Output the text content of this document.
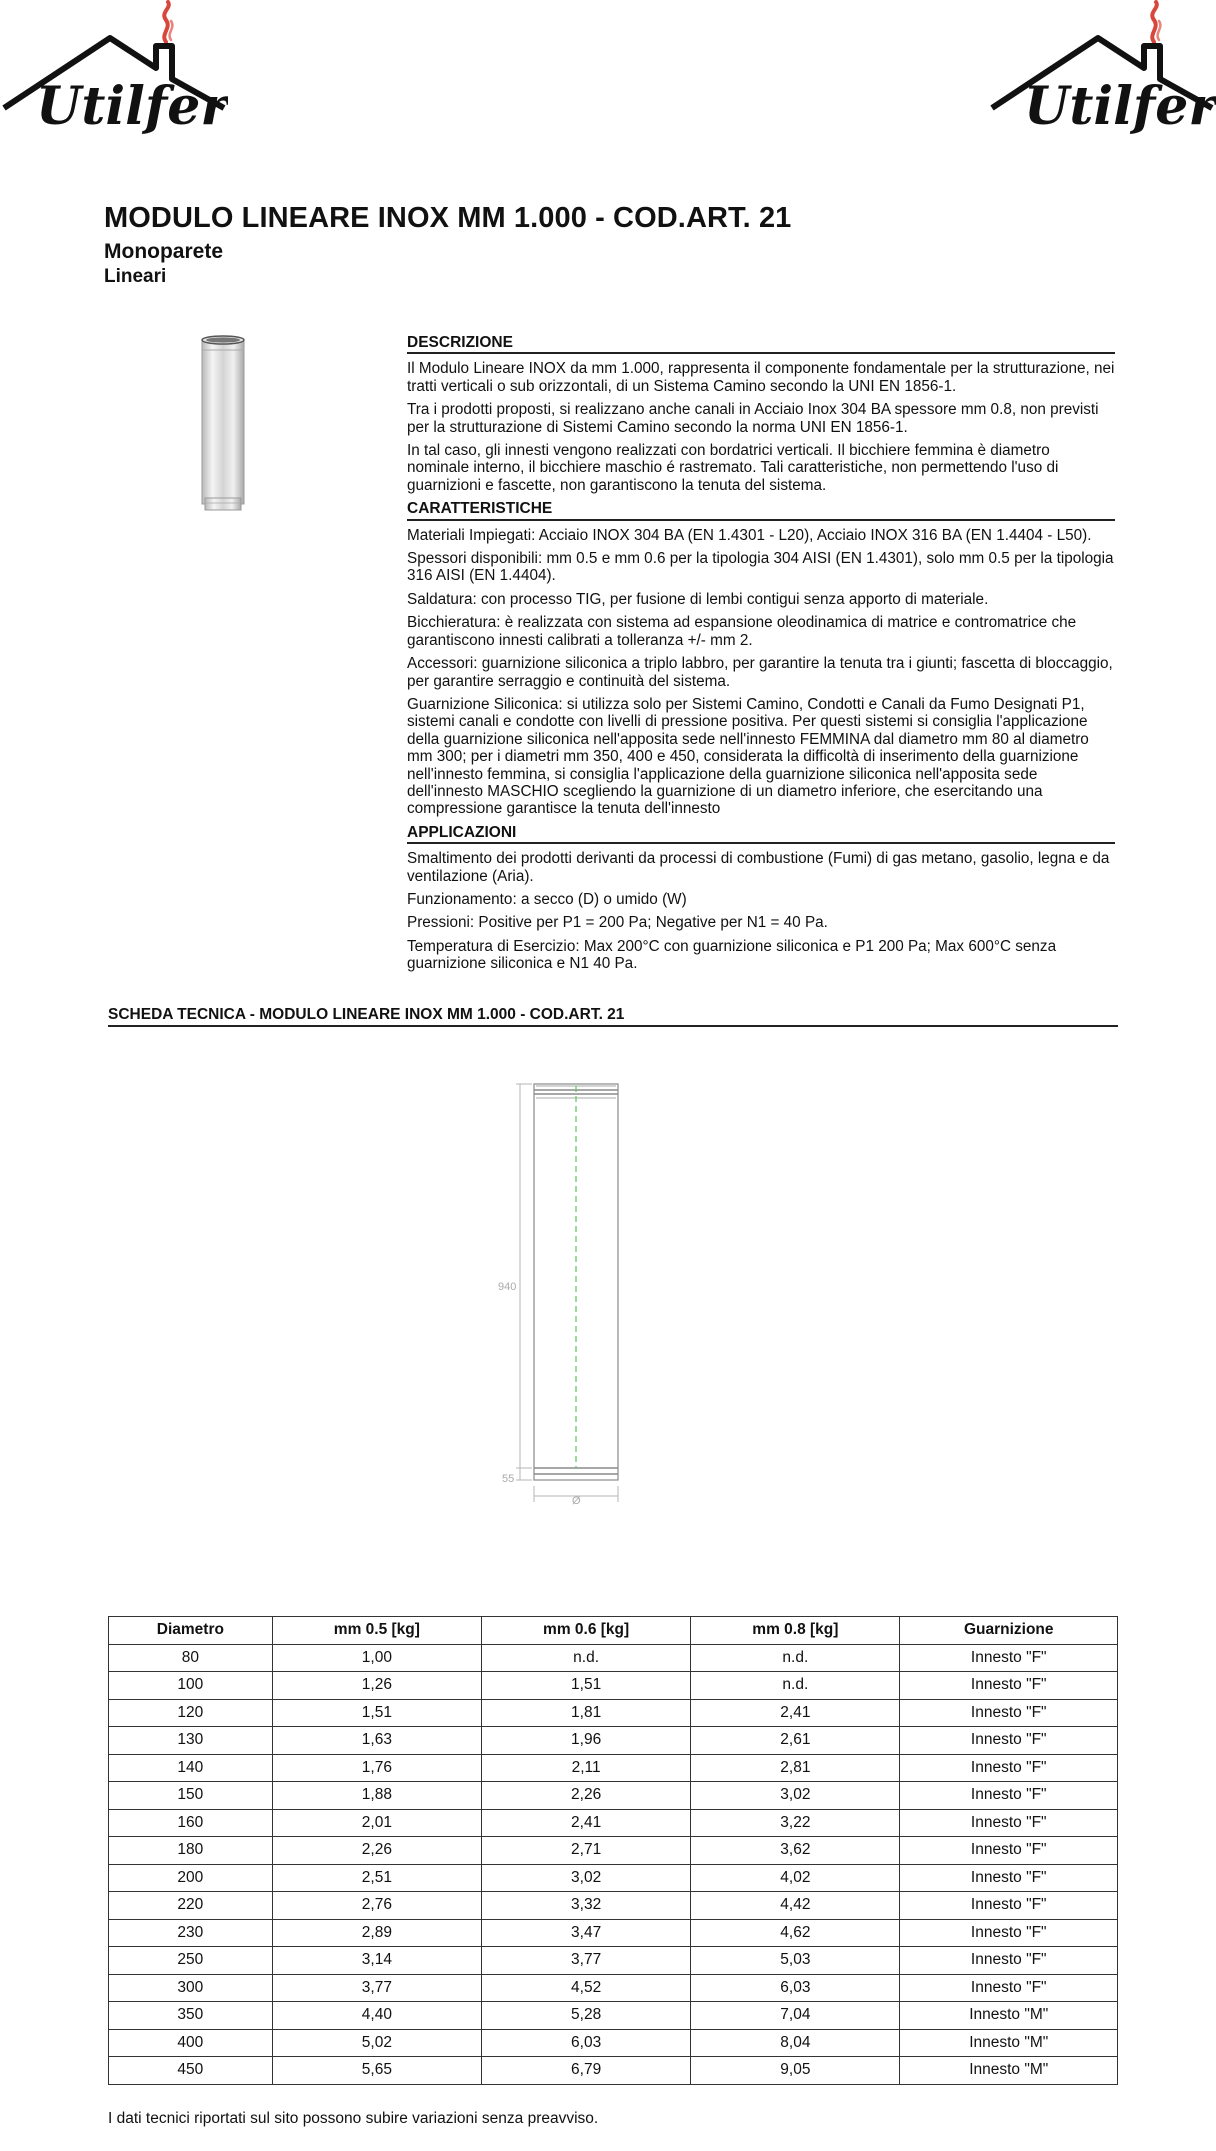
Utilfer	Utilfer
MODULO LINEARE INOX MM 1.000 - COD.ART. 21
Monoparete
Lineari
DESCRIZIONE

Il Modulo Lineare INOX da mm 1.000, rappresenta il componente fondamentale per la strutturazione, nei tratti verticali o sub orizzontali, di un Sistema Camino secondo la UNI EN 1856-1.

Tra i prodotti proposti, si realizzano anche canali in Acciaio Inox 304 BA spessore mm 0.8, non previsti per la strutturazione di Sistemi Camino secondo la norma UNI EN 1856-1.

In tal caso, gli innesti vengono realizzati con bordatrici verticali. Il bicchiere femmina è diametro nominale interno, il bicchiere maschio é rastremato. Tali caratteristiche, non permettendo l'uso di guarnizioni e fascette, non garantiscono la tenuta del sistema.

CARATTERISTICHE

Materiali Impiegati: Acciaio INOX 304 BA (EN 1.4301 - L20), Acciaio INOX 316 BA (EN 1.4404 - L50).

Spessori disponibili: mm 0.5 e mm 0.6 per la tipologia 304 AISI (EN 1.4301), solo mm 0.5 per la tipologia 316 AISI (EN 1.4404).

Saldatura: con processo TIG, per fusione di lembi contigui senza apporto di materiale.

Bicchieratura: è realizzata con sistema ad espansione oleodinamica di matrice e contromatrice che garantiscono innesti calibrati a tolleranza +/- mm 2.

Accessori: guarnizione siliconica a triplo labbro, per garantire la tenuta tra i giunti; fascetta di bloccaggio, per garantire serraggio e continuità del sistema.

Guarnizione Siliconica: si utilizza solo per Sistemi Camino, Condotti e Canali da Fumo Designati P1, sistemi canali e condotte con livelli di pressione positiva. Per questi sistemi si consiglia l'applicazione della guarnizione siliconica nell'apposita sede nell'innesto FEMMINA dal diametro mm 80 al diametro mm 300; per i diametri mm 350, 400 e 450, considerata la difficoltà di inserimento della guarnizione nell'innesto femmina, si consiglia l'applicazione della guarnizione siliconica nell'apposita sede dell'innesto MASCHIO scegliendo la guarnizione di un diametro inferiore, che esercitando una compressione garantisce la tenuta dell'innesto

APPLICAZIONI

Smaltimento dei prodotti derivanti da processi di combustione (Fumi) di gas metano, gasolio, legna e da ventilazione (Aria).

Funzionamento: a secco (D) o umido (W)

Pressioni: Positive per P1 = 200 Pa; Negative per N1 = 40 Pa.

Temperatura di Esercizio: Max 200°C con guarnizione siliconica e P1 200 Pa; Max 600°C senza guarnizione siliconica e N1 40 Pa.

SCHEDA TECNICA - MODULO LINEARE INOX MM 1.000 - COD.ART. 21
940
55
Ø
Diametro	mm 0.5 [kg]	mm 0.6 [kg]	mm 0.8 [kg]	Guarnizione
80	1,00	n.d.	n.d.	Innesto "F"
100	1,26	1,51	n.d.	Innesto "F"
120	1,51	1,81	2,41	Innesto "F"
130	1,63	1,96	2,61	Innesto "F"
140	1,76	2,11	2,81	Innesto "F"
150	1,88	2,26	3,02	Innesto "F"
160	2,01	2,41	3,22	Innesto "F"
180	2,26	2,71	3,62	Innesto "F"
200	2,51	3,02	4,02	Innesto "F"
220	2,76	3,32	4,42	Innesto "F"
230	2,89	3,47	4,62	Innesto "F"
250	3,14	3,77	5,03	Innesto "F"
300	3,77	4,52	6,03	Innesto "F"
350	4,40	5,28	7,04	Innesto "M"
400	5,02	6,03	8,04	Innesto "M"
450	5,65	6,79	9,05	Innesto "M"
I dati tecnici riportati sul sito possono subire variazioni senza preavviso.
